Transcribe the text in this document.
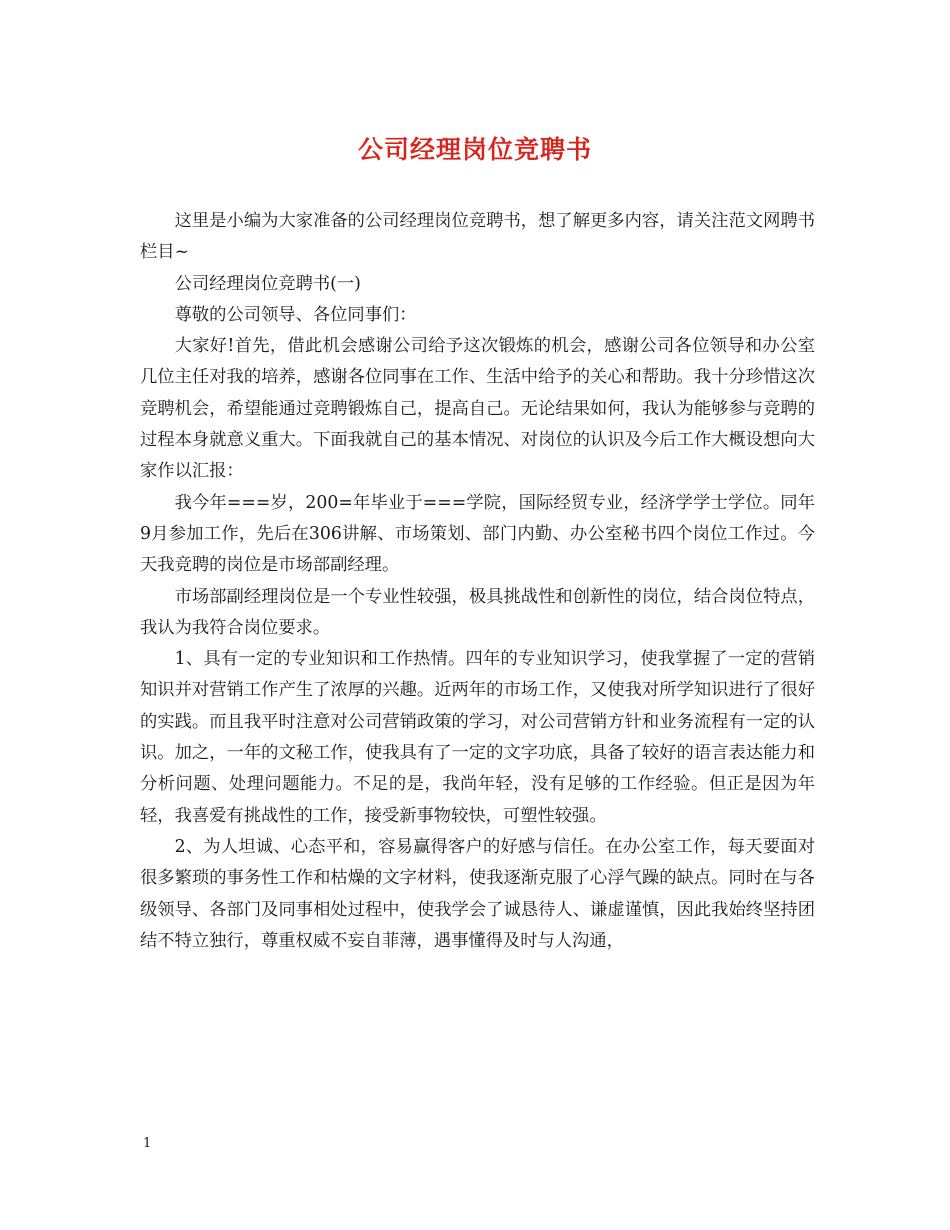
公司经理岗位竞聘书

这里是小编为大家准备的公司经理岗位竞聘书，想了解更多内容，请关注范文网聘书栏目~

公司经理岗位竞聘书(一)

尊敬的公司领导、各位同事们：

大家好!首先，借此机会感谢公司给予这次锻炼的机会，感谢公司各位领导和办公室几位主任对我的培养，感谢各位同事在工作、生活中给予的关心和帮助。我十分珍惜这次竞聘机会，希望能通过竞聘锻炼自己，提高自己。无论结果如何，我认为能够参与竞聘的过程本身就意义重大。下面我就自己的基本情况、对岗位的认识及今后工作大概设想向大家作以汇报：

我今年===岁，200=年毕业于===学院，国际经贸专业，经济学学士学位。同年9月参加工作，先后在306讲解、市场策划、部门内勤、办公室秘书四个岗位工作过。今天我竞聘的岗位是市场部副经理。

市场部副经理岗位是一个专业性较强，极具挑战性和创新性的岗位，结合岗位特点，我认为我符合岗位要求。

1、具有一定的专业知识和工作热情。四年的专业知识学习，使我掌握了一定的营销知识并对营销工作产生了浓厚的兴趣。近两年的市场工作，又使我对所学知识进行了很好的实践。而且我平时注意对公司营销政策的学习，对公司营销方针和业务流程有一定的认识。加之，一年的文秘工作，使我具有了一定的文字功底，具备了较好的语言表达能力和分析问题、处理问题能力。不足的是，我尚年轻，没有足够的工作经验。但正是因为年轻，我喜爱有挑战性的工作，接受新事物较快，可塑性较强。

2、为人坦诚、心态平和，容易赢得客户的好感与信任。在办公室工作，每天要面对很多繁琐的事务性工作和枯燥的文字材料，使我逐渐克服了心浮气躁的缺点。同时在与各级领导、各部门及同事相处过程中，使我学会了诚恳待人、谦虚谨慎，因此我始终坚持团结不特立独行，尊重权威不妄自菲薄，遇事懂得及时与人沟通，

1
